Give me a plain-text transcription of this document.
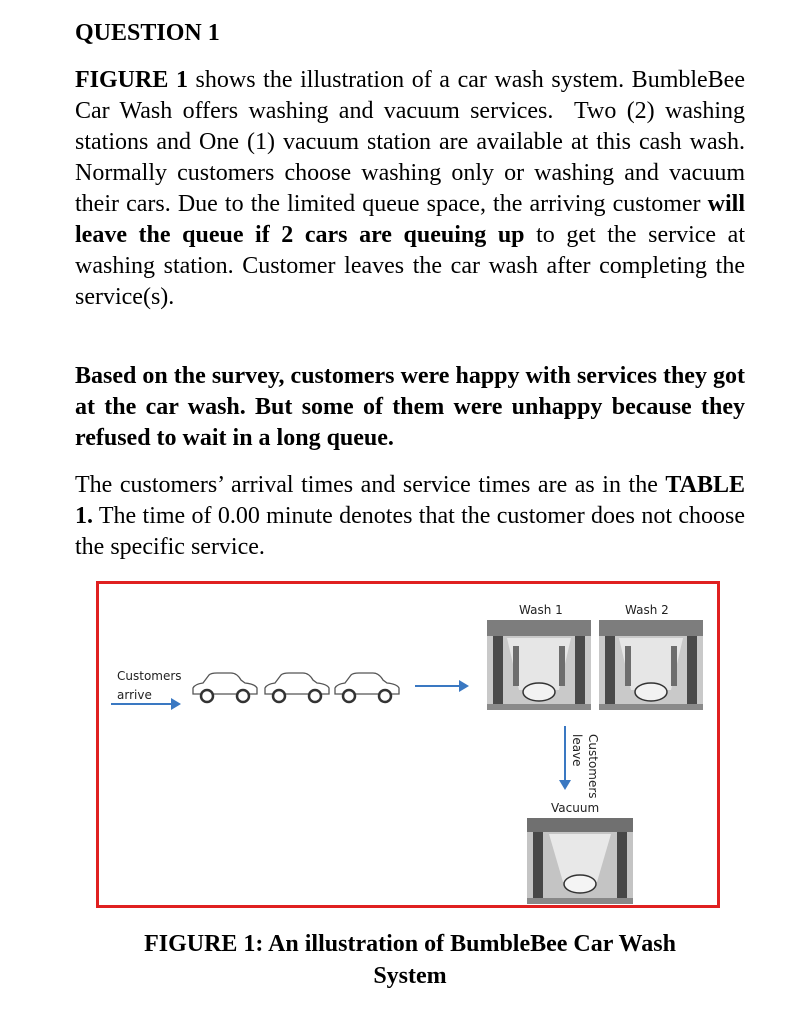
QUESTION 1

FIGURE 1 shows the illustration of a car wash system. BumbleBee Car Wash offers washing and vacuum services.  Two (2) washing stations and One (1) vacuum station are available at this cash wash. Normally customers choose washing only or washing and vacuum their cars. Due to the limited queue space, the arriving customer will leave the queue if 2 cars are queuing up to get the service at washing station. Customer leaves the car wash after completing the service(s).

Based on the survey, customers were happy with services they got at the car wash. But some of them were unhappy because they refused to wait in a long queue.

The customers’ arrival times and service times are as in the TABLE 1. The time of 0.00 minute denotes that the customer does not choose the specific service.

Customers
arrive
Wash 1	Wash 2
Customers
leave
Vacuum
FIGURE 1: An illustration of BumbleBee Car Wash
System
